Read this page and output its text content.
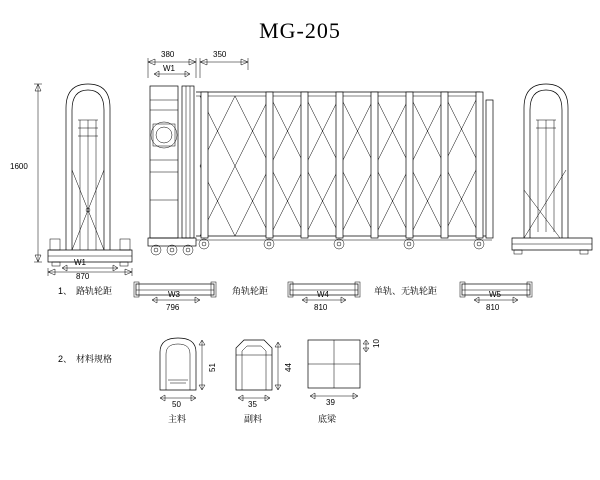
MG-205
380	350
W1
1600
W1
870
1、 路轨轮距	W3
796
角轨轮距	W4
810
单轨、无轨轮距	W5
810
2、 材料规格
50
51
主料
35
44
副料
39
10
底梁
